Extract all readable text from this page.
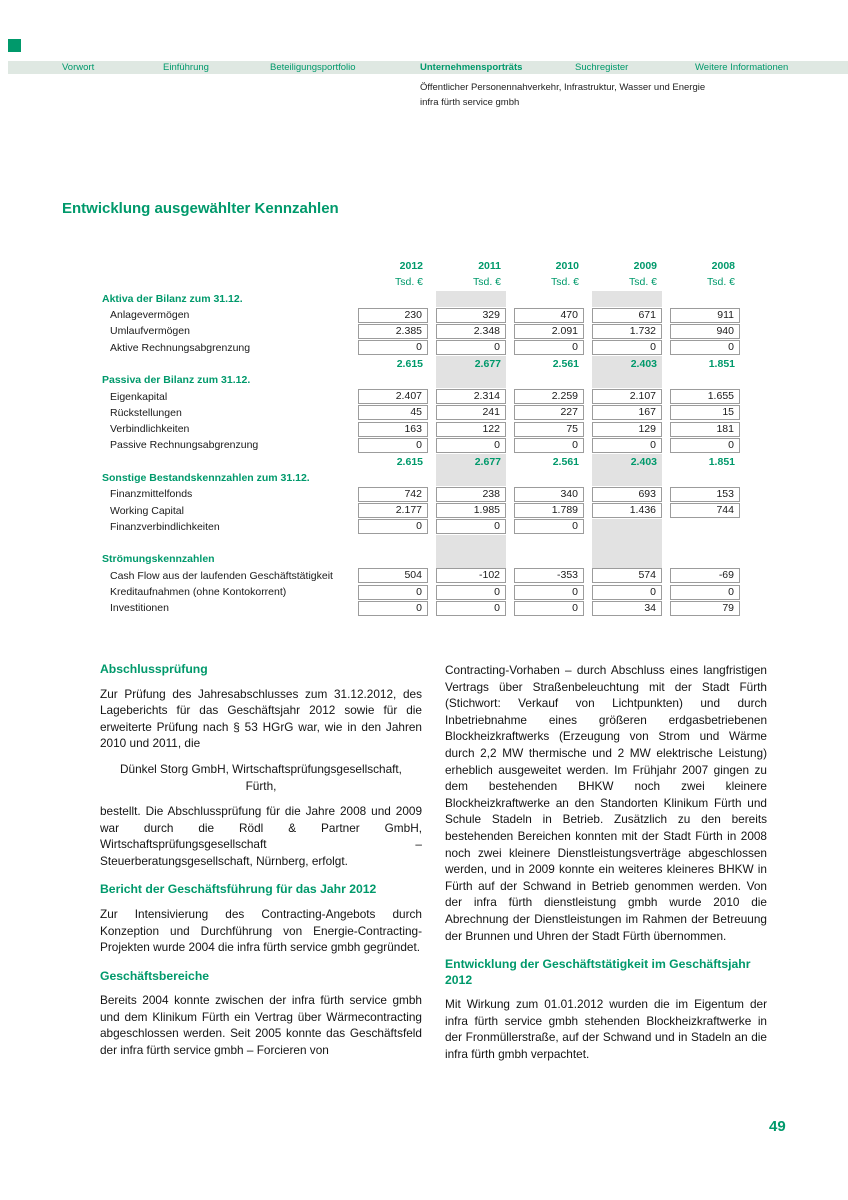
Vorwort	Einführung	Beteiligungsportfolio	Unternehmensporträts	Suchregister	Weitere Informationen
Öffentlicher Personennahverkehr, Infrastruktur, Wasser und Energie
infra fürth service gmbh
Entwicklung ausgewählter Kennzahlen
2012	2011	2010	2009	2008
Tsd. €	Tsd. €	Tsd. €	Tsd. €	Tsd. €
Aktiva der Bilanz zum 31.12.
Anlagevermögen	230	329	470	671	911
Umlaufvermögen	2.385	2.348	2.091	1.732	940
Aktive Rechnungsabgrenzung	0	0	0	0	0
2.615	2.677	2.561	2.403	1.851
Passiva der Bilanz zum 31.12.
Eigenkapital	2.407	2.314	2.259	2.107	1.655
Rückstellungen	45	241	227	167	15
Verbindlichkeiten	163	122	75	129	181
Passive Rechnungsabgrenzung	0	0	0	0	0
2.615	2.677	2.561	2.403	1.851
Sonstige Bestandskennzahlen zum 31.12.
Finanzmittelfonds	742	238	340	693	153
Working Capital	2.177	1.985	1.789	1.436	744
Finanzverbindlichkeiten	0	0	0
Strömungskennzahlen
Cash Flow aus der laufenden Geschäftstätigkeit	504	-102	-353	574	-69
Kreditaufnahmen (ohne Kontokorrent)	0	0	0	0	0
Investitionen	0	0	0	34	79
Abschlussprüfung

Zur Prüfung des Jahresabschlusses zum 31.12.2012, des Lageberichts für das Geschäftsjahr 2012 sowie für die erweiterte Prüfung nach § 53 HGrG war, wie in den Jahren 2010 und 2011, die

Dünkel Storg GmbH, Wirtschaftsprüfungsgesellschaft,
Fürth,

bestellt. Die Abschlussprüfung für die Jahre 2008 und 2009 war durch die Rödl & Partner GmbH, Wirtschaftsprüfungsgesellschaft – Steuerberatungsgesellschaft, Nürnberg, erfolgt.

Bericht der Geschäftsführung für das Jahr 2012

Zur Intensivierung des Contracting-Angebots durch Konzeption und Durchführung von Energie-Contracting-Projekten wurde 2004 die infra fürth service gmbh gegründet.

Geschäftsbereiche

Bereits 2004 konnte zwischen der infra fürth service gmbh und dem Klinikum Fürth ein Vertrag über Wärmecontracting abgeschlossen werden. Seit 2005 konnte das Geschäftsfeld der infra fürth service gmbh – Forcieren von

Contracting-Vorhaben – durch Abschluss eines langfristigen Vertrags über Straßenbeleuchtung mit der Stadt Fürth (Stichwort: Verkauf von Lichtpunkten) und durch Inbetriebnahme eines größeren erdgasbetriebenen Blockheizkraftwerks (Erzeugung von Strom und Wärme durch 2,2 MW thermische und 2 MW elektrische Leistung) erheblich ausgeweitet werden. Im Frühjahr 2007 gingen zu dem bestehenden BHKW noch zwei kleinere Blockheizkraftwerke an den Standorten Klinikum Fürth und Schule Stadeln in Betrieb. Zusätzlich zu den bereits bestehenden Bereichen konnten mit der Stadt Fürth in 2008 noch zwei kleinere Dienstleistungsverträge abgeschlossen werden, und in 2009 konnte ein weiteres kleineres BHKW in Fürth auf der Schwand in Betrieb genommen werden. Von der infra fürth dienstleistung gmbh wurde 2010 die Abrechnung der Dienstleistungen im Rahmen der Betreuung der Brunnen und Uhren der Stadt Fürth übernommen.

Entwicklung der Geschäftstätigkeit im Geschäftsjahr 2012

Mit Wirkung zum 01.01.2012 wurden die im Eigentum der infra fürth service gmbh stehenden Blockheizkraftwerke in der Fronmüllerstraße, auf der Schwand und in Stadeln an die infra fürth gmbh verpachtet.

49
